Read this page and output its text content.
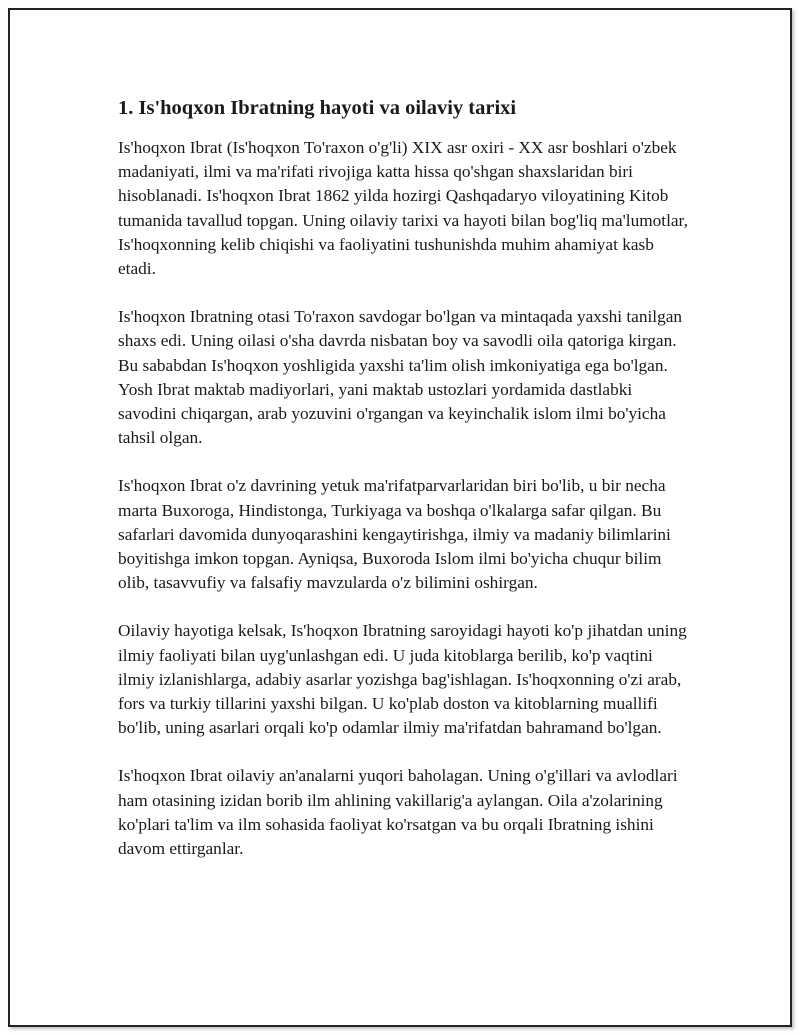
1. Is'hoqxon Ibratning hayoti va oilaviy tarixi

Is'hoqxon Ibrat (Is'hoqxon To'raxon o'g'li) XIX asr oxiri - XX asr boshlari o'zbek madaniyati, ilmi va ma'rifati rivojiga katta hissa qo'shgan shaxslaridan biri hisoblanadi. Is'hoqxon Ibrat 1862 yilda hozirgi Qashqadaryo viloyatining Kitob tumanida tavallud topgan. Uning oilaviy tarixi va hayoti bilan bog'liq ma'lumotlar, Is'hoqxonning kelib chiqishi va faoliyatini tushunishda muhim ahamiyat kasb etadi.

Is'hoqxon Ibratning otasi To'raxon savdogar bo'lgan va mintaqada yaxshi tanilgan shaxs edi. Uning oilasi o'sha davrda nisbatan boy va savodli oila qatoriga kirgan. Bu sababdan Is'hoqxon yoshligida yaxshi ta'lim olish imkoniyatiga ega bo'lgan. Yosh Ibrat maktab madiyorlari, yani maktab ustozlari yordamida dastlabki savodini chiqargan, arab yozuvini o'rgangan va keyinchalik islom ilmi bo'yicha tahsil olgan.

Is'hoqxon Ibrat o'z davrining yetuk ma'rifatparvarlaridan biri bo'lib, u bir necha marta Buxoroga, Hindistonga, Turkiyaga va boshqa o'lkalarga safar qilgan. Bu safarlari davomida dunyoqarashini kengaytirishga, ilmiy va madaniy bilimlarini boyitishga imkon topgan. Ayniqsa, Buxoroda Islom ilmi bo'yicha chuqur bilim olib, tasavvufiy va falsafiy mavzularda o'z bilimini oshirgan.

Oilaviy hayotiga kelsak, Is'hoqxon Ibratning saroyidagi hayoti ko'p jihatdan uning ilmiy faoliyati bilan uyg'unlashgan edi. U juda kitoblarga berilib, ko'p vaqtini ilmiy izlanishlarga, adabiy asarlar yozishga bag'ishlagan. Is'hoqxonning o'zi arab, fors va turkiy tillarini yaxshi bilgan. U ko'plab doston va kitoblarning muallifi bo'lib, uning asarlari orqali ko'p odamlar ilmiy ma'rifatdan bahramand bo'lgan.

Is'hoqxon Ibrat oilaviy an'analarni yuqori baholagan. Uning o'g'illari va avlodlari ham otasining izidan borib ilm ahlining vakillarig'a aylangan. Oila a'zolarining ko'plari ta'lim va ilm sohasida faoliyat ko'rsatgan va bu orqali Ibratning ishini davom ettirganlar.
